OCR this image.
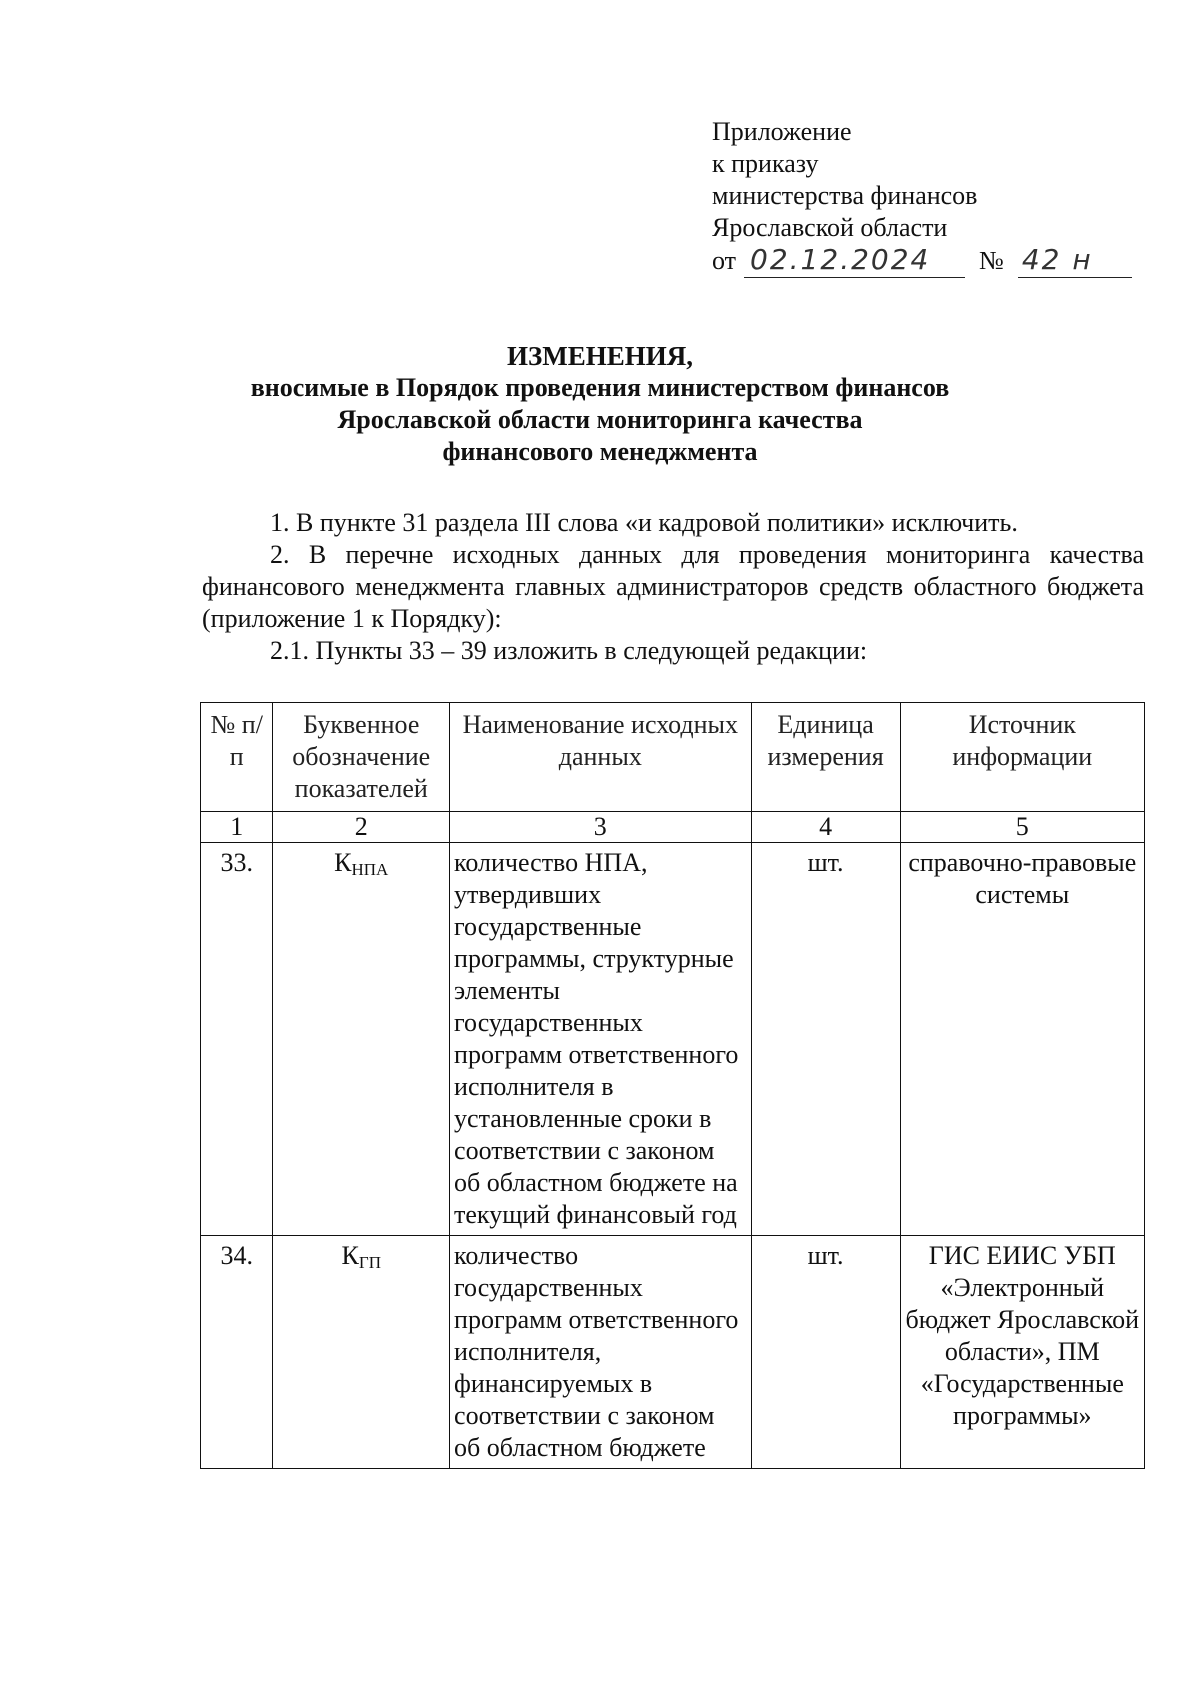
Приложение
к приказу
министерства финансов
Ярославской области
от 02.12.2024	№ 42 н
ИЗМЕНЕНИЯ,
вносимые в Порядок проведения министерством финансов
Ярославской области мониторинга качества
финансового менеджмента

1. В пункте 31 раздела III слова «и кадровой политики» исключить.

2. В перечне исходных данных для проведения мониторинга качества финансового менеджмента главных администраторов средств областного бюджета (приложение 1 к Порядку):

2.1. Пункты 33 – 39 изложить в следующей редакции:

№ п/п	Буквенное обозначение показателей	Наименование исходных данных	Единица измерения	Источник информации
1	2	3	4	5
33.	$К_{НПА}$	количество НПА, утвердивших государственные программы, структурные элементы государственных программ ответственного исполнителя в установленные сроки в соответствии с законом об областном бюджете на текущий финансовый год	шт.	справочно-правовые системы
34.	$К_{ГП}$	количество государственных программ ответственного исполнителя, финансируемых в соответствии с законом об областном бюджете	шт.	ГИС ЕИИС УБП «Электронный бюджет Ярославской области», ПМ «Государственные программы»
